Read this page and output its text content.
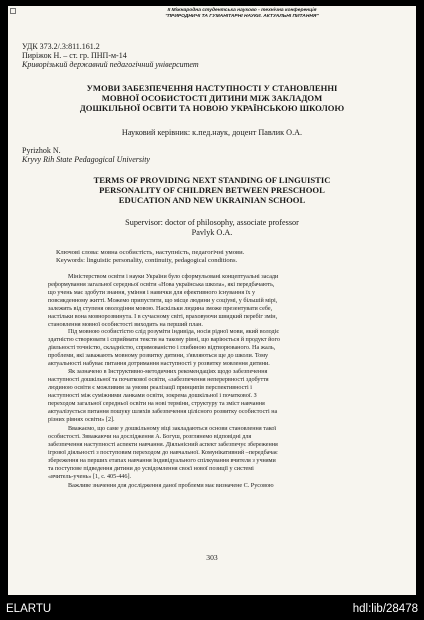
II Міжнародна студентська науково - технічна конференція
"ПРИРОДНИЧІ ТА ГУМАНІТАРНІ НАУКИ. АКТУАЛЬНІ ПИТАННЯ"
УДК 373.2/.3:811.161.2
Пиріжок Н. – ст. гр. ПНП-м-14
Криворізький державний педагогічний університет
УМОВИ ЗАБЕЗПЕЧЕННЯ НАСТУПНОСТІ У СТАНОВЛЕННІ
МОВНОЇ ОСОБИСТОСТІ ДИТИНИ МІЖ ЗАКЛАДОМ
ДОШКІЛЬНОЇ ОСВІТИ ТА НОВОЮ УКРАЇНСЬКОЮ ШКОЛОЮ
Науковий керівник: к.пед.наук, доцент Павлик О.А.
Pyrizhok N.
Kryvy Rih State Pedagogical University
TERMS OF PROVIDING NEXT STANDING OF LINGUISTIC
PERSONALITY OF CHILDREN BETWEEN PRESCHOOL
EDUCATION AND NEW UKRAINIAN SCHOOL
Supervisor: doctor of philosophy, associate professor
Pavlyk O.A.
Ключові слова: мовна особистість, наступність, педагогічні умови.
Keywords: linguistic personality, continuity, pedagogical conditions.
Міністерством освіти і науки України було сформульовані концептуальні засади
реформування загальної середньої освіти «Нова українська школа», які передбачають,
що учень має здобути знання, уміння і навички для ефективного існування їх у
повсякденному житті. Можемо припустити, що місце людини у соціумі, у більшій мірі,
залежить від ступеня оволодіння мовою. Наскільки людина зможе презентувати себе,
настільки вона мовнорозвинута. І в сучасному світі, враховуючи швидкий перебіг змін,
становлення мовної особистості виходить на перший план.
Під мовною особистістю слід розуміти індивіда, носія рідної мови, який володіє
здатністю створювати і сприймати тексти на такому рівні, що варіюється й продукт його
діяльності точністю, складністю, спрямованістю і глибиною відтворюваного. На жаль,
проблеми, які заважають мовному розвитку дитини, з'являються ще до школи. Тому
актуальності набуває питання дотримання наступності у розвитку мовлення дитини.
Як зазначено в Інструктивно-методичних рекомендаціях щодо забезпечення
наступності дошкільної та початкової освіти, «забезпечення неперервності здобуття
людиною освіти є можливим за умови реалізації принципів перспективності і
наступності між суміжними ланками освіти, зокрема дошкільної і початкової. З
переходом загальної середньої освіти на нові терміни, структуру та зміст навчання
актуалізується питання пошуку шляхів забезпечення цілісного розвитку особистості на
різних рівнях освіти» [2].
Вважаємо, що саме у дошкільному віці закладаються основи становлення такої
особистості. Звважаючи на дослідження А. Богуш, розглянемо відповідні для
забезпечення наступності аспекти навчання. Діяльнісний аспект забезпечує збереження
ігрової діяльності з поступовим переходом до навчальної. Комунікативний –передбачає
збереження на перших етапах навчання індивідуального спілкування вчителя з учнями
та поступове підведення дитини до усвідомлення своєї нової позиції у системі
«вчитель-учень» [1, с. 405-446].
Важливе значення для дослідження даної проблеми має визначене С. Русовою
303
ELARTU	hdl:lib/28478
